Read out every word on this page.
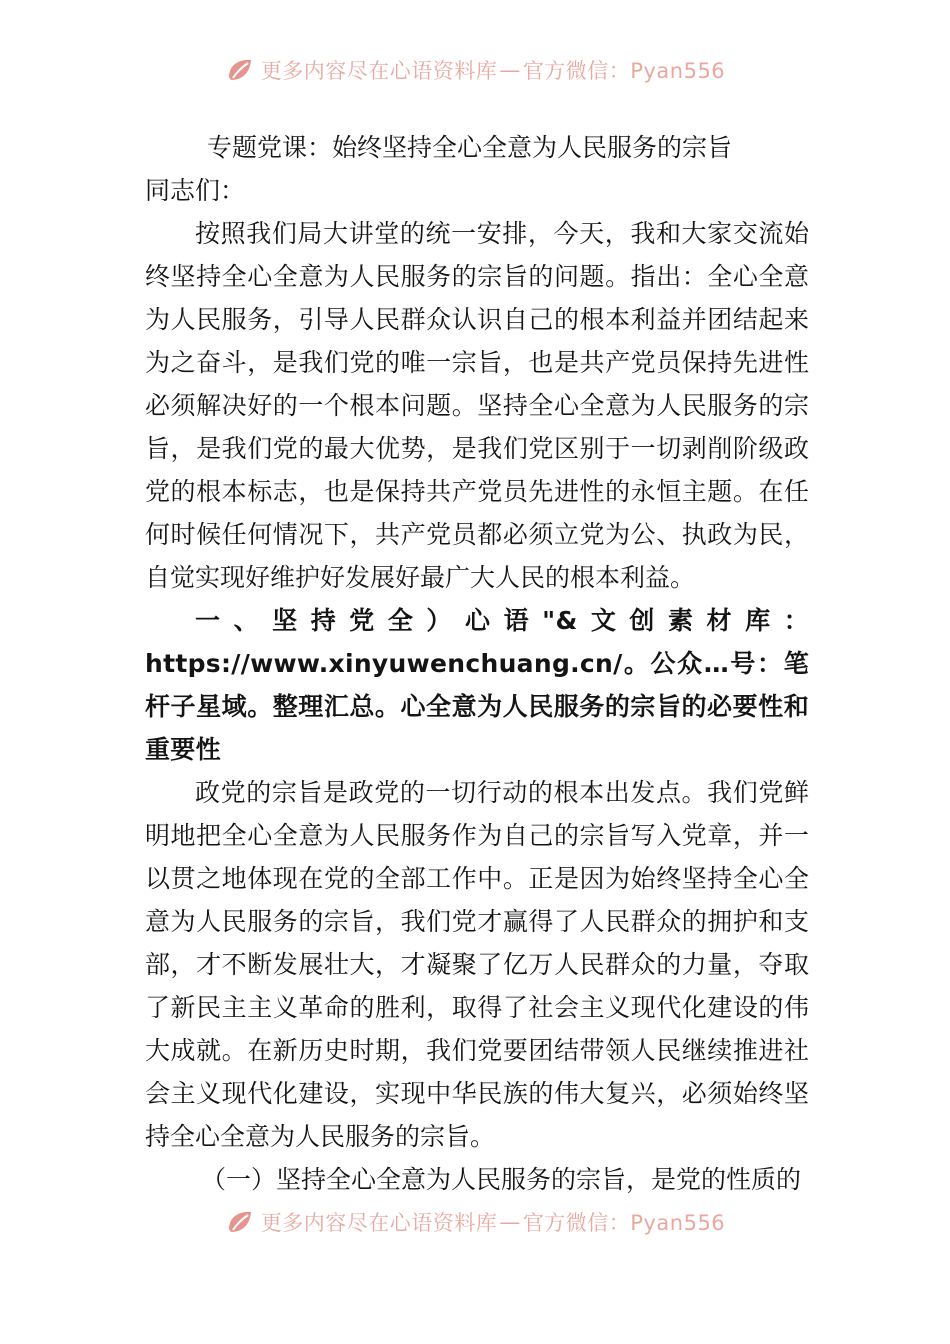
更多内容尽在心语资料库 — 官方微信：Pyan556
专题党课：始终坚持全心全意为人民服务的宗旨
同志们：
按照我们局大讲堂的统一安排，今天，我和大家交流始终坚持全心全意为人民服务的宗旨的问题。指出：全心全意为人民服务，引导人民群众认识自己的根本利益并团结起来为之奋斗，是我们党的唯一宗旨，也是共产党员保持先进性必须解决好的一个根本问题。坚持全心全意为人民服务的宗旨，是我们党的最大优势，是我们党区别于一切剥削阶级政党的根本标志，也是保持共产党员先进性的永恒主题。在任何时候任何情况下，共产党员都必须立党为公、执政为民，自觉实现好维护好发展好最广大人民的根本利益。
一、坚持党全）心语"&文创素材库：https://www.xinyuwenchuang.cn/。公众…号：笔杆子星域。整理汇总。心全意为人民服务的宗旨的必要性和重要性
政党的宗旨是政党的一切行动的根本出发点。我们党鲜明地把全心全意为人民服务作为自己的宗旨写入党章，并一以贯之地体现在党的全部工作中。正是因为始终坚持全心全意为人民服务的宗旨，我们党才赢得了人民群众的拥护和支部，才不断发展壮大，才凝聚了亿万人民群众的力量，夺取了新民主主义革命的胜利，取得了社会主义现代化建设的伟大成就。在新历史时期，我们党要团结带领人民继续推进社会主义现代化建设，实现中华民族的伟大复兴，必须始终坚持全心全意为人民服务的宗旨。
（一）坚持全心全意为人民服务的宗旨，是党的性质的
更多内容尽在心语资料库 — 官方微信：Pyan556
